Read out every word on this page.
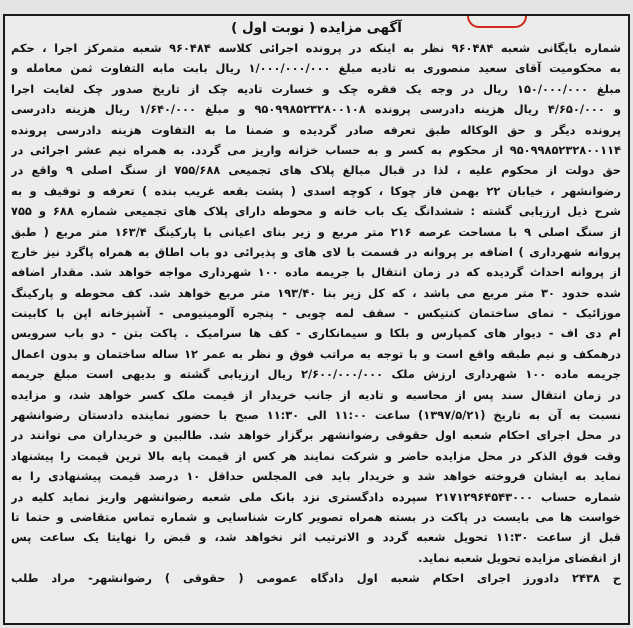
آگهی مزایده ( نوبت اول )
شماره بایگانی شعبه ۹۶۰۴۸۴ نظر به اینکه در پرونده اجرائی کلاسه ۹۶۰۴۸۴ شعبه متمرکز اجرا ، حکم
به محکومیت آقای سعید منصوری به تادیه مبلغ ۱/۰۰۰/۰۰۰/۰۰۰ ریال بابت مابه التفاوت ثمن معامله و
مبلغ ۱۵۰/۰۰۰/۰۰۰ ریال در وجه یک فقره چک و خسارت تادیه چک از تاریخ صدور چک لغایت اجرا
و ۴/۶۵۰/۰۰۰ ریال هزینه دادرسی پرونده ۹۵۰۹۹۸۵۲۳۲۸۰۰۱۰۸ و مبلغ ۱/۶۴۰/۰۰۰ ریال هزینه دادرسی
پرونده دیگر و حق الوکاله طبق تعرفه صادر گردیده و ضمنا ما به التفاوت هزینه دادرسی پرونده
۹۵۰۹۹۸۵۲۳۲۸۰۰۱۱۴ از محکوم به کسر و به حساب خزانه واریز می گردد. به همراه نیم عشر اجرائی در
حق دولت از محکوم علیه ، لذا در قبال مبالغ پلاک های تجمیعی ۷۵۵/۶۸۸ از سنگ اصلی ۹ واقع در
رضوانشهر ، خیابان ۲۲ بهمن فاز چوکا ، کوچه اسدی ( پشت بقعه غریب بنده ) تعرفه و توقیف و به
شرح ذیل ارزیابی گشته : ششدانگ یک باب خانه و محوطه دارای پلاک های تجمیعی شماره ۶۸۸ و ۷۵۵
از سنگ اصلی ۹ با مساحت عرصه ۲۱۶ متر مربع و زیر بنای اعیانی با پارکینگ ۱۶۳/۴ متر مربع ( طبق
پروانه شهرداری ) اضافه بر پروانه در قسمت با لای های و پذیرائی دو باب اطاق به همراه پاگرد نیز خارج
از پروانه احداث گردیده که در زمان انتقال با جریمه ماده ۱۰۰ شهرداری مواجه خواهد شد. مقدار اضافه
شده حدود ۳۰ متر مربع می باشد ، که کل زیر بنا ۱۹۳/۴۰ متر مربع خواهد شد. کف محوطه و پارکینگ
موزائیک - نمای ساختمان کنتیکس - سقف لمه چوبی - پنجره آلومینیومی - آشپزخانه اپن با کابینت
ام دی اف - دیوار های کمپارس و بلکا و سیمانکاری - کف ها سرامیک . پاکت بتن - دو باب سرویس
درهمکف و نیم طبقه واقع است و با توجه به مراتب فوق و نظر به عمر ۱۲ ساله ساختمان و بدون اعمال
جریمه ماده ۱۰۰ شهرداری ارزش ملک ۲/۶۰۰/۰۰۰/۰۰۰ ریال ارزیابی گشته و بدیهی است مبلغ جریمه
در زمان انتقال سند پس از محاسبه و تادیه از جانب خریدار از قیمت ملک کسر خواهد شد، و مزایده
نسبت به آن به تاریخ (۱۳۹۷/۵/۲۱) ساعت ۱۱:۰۰ الی ۱۱:۳۰ صبح با حضور نماینده دادستان رضوانشهر
در محل اجرای احکام شعبه اول حقوقی رضوانشهر برگزار خواهد شد. طالبین و خریداران می توانند در
وقت فوق الذکر در محل مزایده حاضر و شرکت نمایند هر کس از قیمت پایه بالا ترین قیمت را پیشنهاد
نماید به ایشان فروخته خواهد شد و خریدار باید فی المجلس حداقل ۱۰ درصد قیمت پیشنهادی را به
شماره حساب ۲۱۷۱۲۹۶۴۵۴۳۰۰۰ سپرده دادگستری نزد بانک ملی شعبه رضوانشهر واریز نماید کلیه در
خواست ها می بایست در پاکت در بسته همراه تصویر کارت شناسایی و شماره تماس متقاضی و حتما تا
قبل از ساعت ۱۱:۳۰ تحویل شعبه گردد و الاترتیب اثر نخواهد شد، و قبض را نهایتا یک ساعت پس
از انقضای مزایده تحویل شعبه نماید.
ح ۲۴۳۸ دادورز اجرای احکام شعبه اول دادگاه عمومی ( حقوقی ) رضوانشهر- مراد طلب
